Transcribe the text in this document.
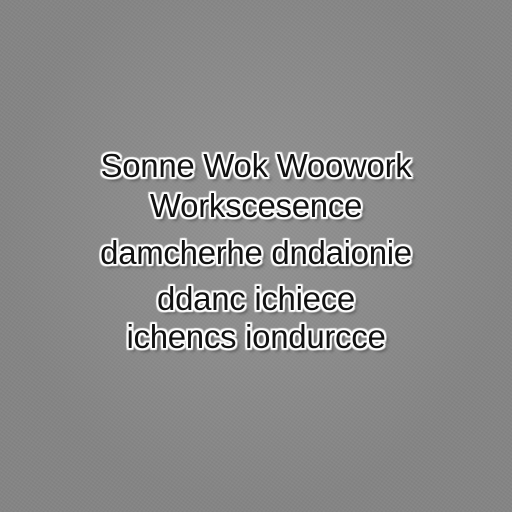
Sonne Wok Woowork
Workscesence
damcherhe dndaionie
ddanc ichiece
ichencs iondurcce
